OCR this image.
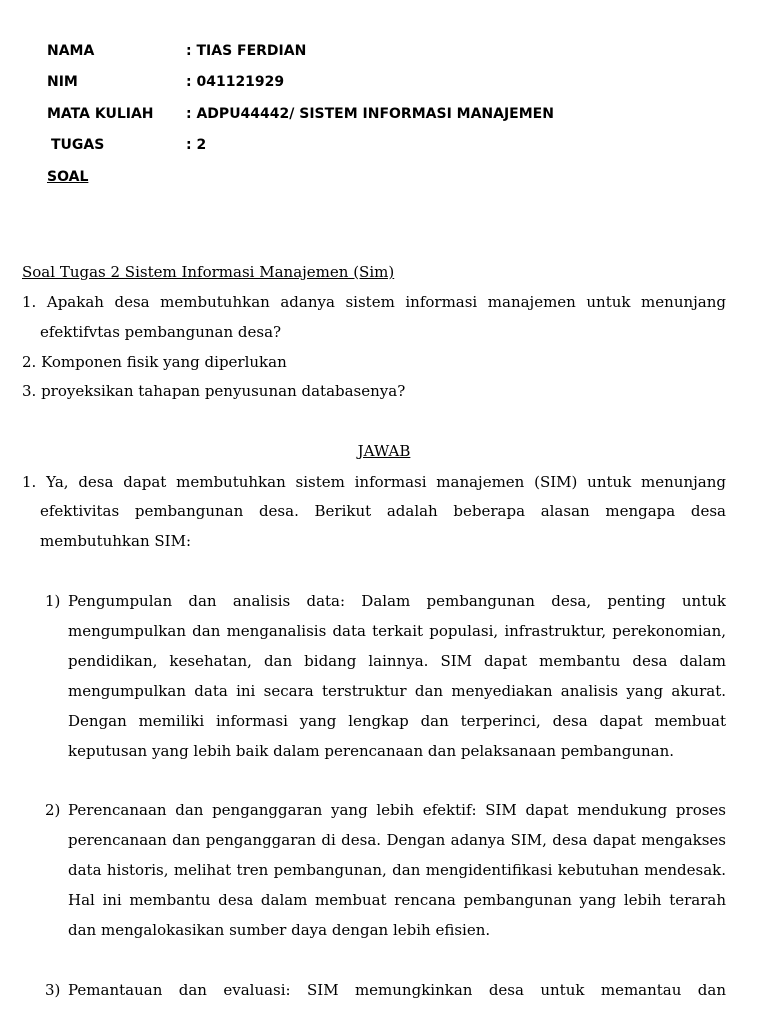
NAMA	: TIAS FERDIAN
NIM	: 041121929
MATA KULIAH : ADPU44442/ SISTEM INFORMASI MANAJEMEN
TUGAS	: 2
SOAL
Soal Tugas 2 Sistem Informasi Manajemen (Sim)
1. Apakah desa membutuhkan adanya sistem informasi manajemen untuk menunjang
efektifvtas pembangunan desa?
2. Komponen fisik yang diperlukan
3. proyeksikan tahapan penyusunan databasenya?
JAWAB
1. Ya, desa dapat membutuhkan sistem informasi manajemen (SIM) untuk menunjang
efektivitas pembangunan desa. Berikut adalah beberapa alasan mengapa desa
membutuhkan SIM:
1) Pengumpulan dan analisis data: Dalam pembangunan desa, penting untuk
mengumpulkan dan menganalisis data terkait populasi, infrastruktur, perekonomian,
pendidikan, kesehatan, dan bidang lainnya. SIM dapat membantu desa dalam
mengumpulkan data ini secara terstruktur dan menyediakan analisis yang akurat.
Dengan memiliki informasi yang lengkap dan terperinci, desa dapat membuat
keputusan yang lebih baik dalam perencanaan dan pelaksanaan pembangunan.
2) Perencanaan dan penganggaran yang lebih efektif: SIM dapat mendukung proses
perencanaan dan penganggaran di desa. Dengan adanya SIM, desa dapat mengakses
data historis, melihat tren pembangunan, dan mengidentifikasi kebutuhan mendesak.
Hal ini membantu desa dalam membuat rencana pembangunan yang lebih terarah
dan mengalokasikan sumber daya dengan lebih efisien.
3) Pemantauan dan evaluasi: SIM memungkinkan desa untuk memantau dan
